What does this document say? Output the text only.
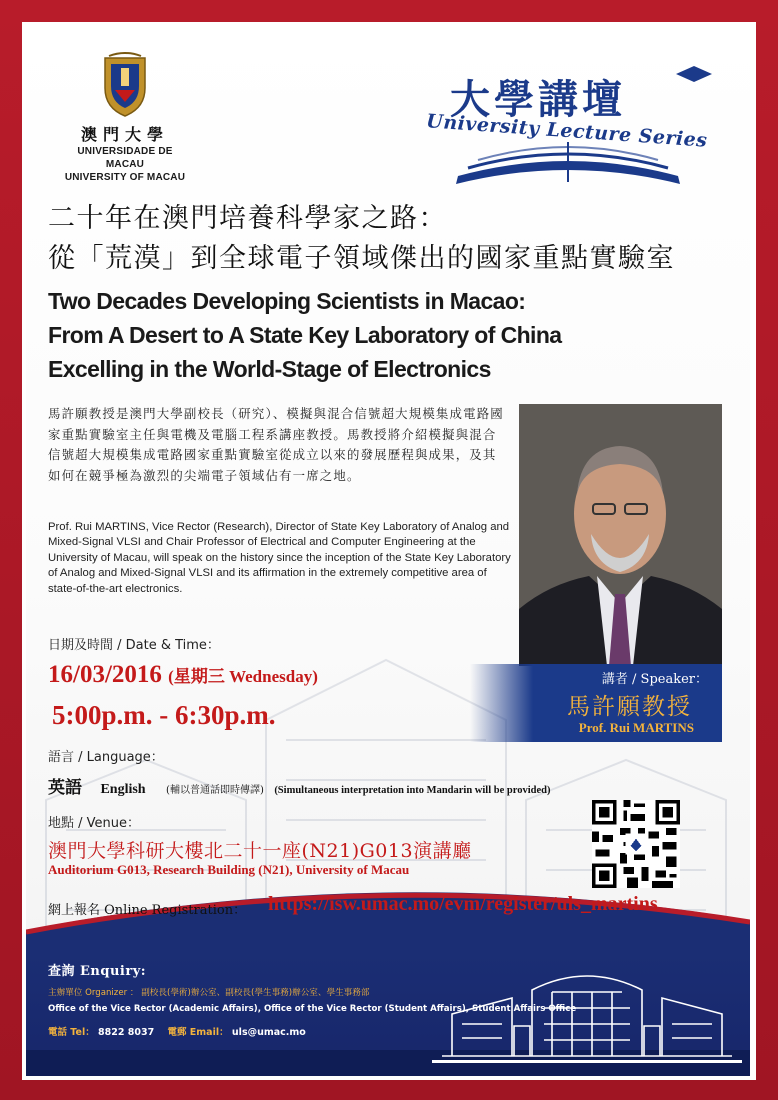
澳門大學
UNIVERSIDADE DE MACAU
UNIVERSITY OF MACAU
大學講壇
University Lecture Series
二十年在澳門培養科學家之路：
從「荒漠」到全球電子領域傑出的國家重點實驗室
Two Decades Developing Scientists in Macao:
From A Desert to A State Key Laboratory of China
Excelling in the World-Stage of Electronics
馬許願教授是澳門大學副校長（研究）、模擬與混合信號超大規模集成電路國家重點實驗室主任與電機及電腦工程系講座教授。馬教授將介紹模擬與混合信號超大規模集成電路國家重點實驗室從成立以來的發展歷程與成果，及其如何在競爭極為激烈的尖端電子領域佔有一席之地。
Prof. Rui MARTINS, Vice Rector (Research), Director of State Key Laboratory of Analog and Mixed-Signal VLSI and Chair Professor of Electrical and Computer Engineering at the University of Macau, will speak on the history since the inception of the State Key Laboratory of Analog and Mixed-Signal VLSI and its affirmation in the extremely competitive area of state-of-the-art electronics.
講者 / Speaker：
馬許願教授
Prof. Rui MARTINS
日期及時間 / Date & Time：
16/03/2016 (星期三 Wednesday)
5:00p.m. - 6:30p.m.
語言 / Language：
英語 English (輔以普通話即時傳譯) (Simultaneous interpretation into Mandarin will be provided)
地點 / Venue：
澳門大學科研大樓北二十一座(N21)G013演講廳
Auditorium G013, Research Building (N21), University of Macau
網上報名 Online Registration： https://isw.umac.mo/evm/register/uls_martins
查詢 Enquiry:
主辦單位 Organizer ： 副校長(學術)辦公室、副校長(學生事務)辦公室、學生事務部
Office of the Vice Rector (Academic Affairs), Office of the Vice Rector (Student Affairs), Student Affairs Office
電話 Tel： 8822 8037 電郵 Email： uls@umac.mo
